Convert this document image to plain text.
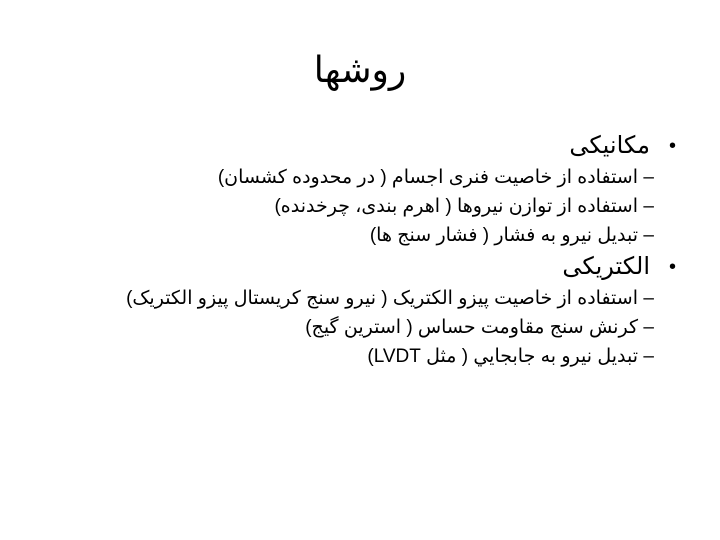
روشها
•
مکانیکی
–
استفاده از خاصیت فنری اجسام ( در محدوده کشسان)
–
استفاده از توازن نیروها ( اهرم بندی، چرخدنده)
–
تبدیل نیرو به فشار ( فشار سنج ها)
•
الکتریکی
–
استفاده از خاصیت پیزو الکتریک ( نیرو سنج کریستال پیزو الکتریک)
–
کرنش سنج مقاومت حساس ( استرین گیج)
–
تبدیل نیرو به جابجايي ( مثل LVDT)
